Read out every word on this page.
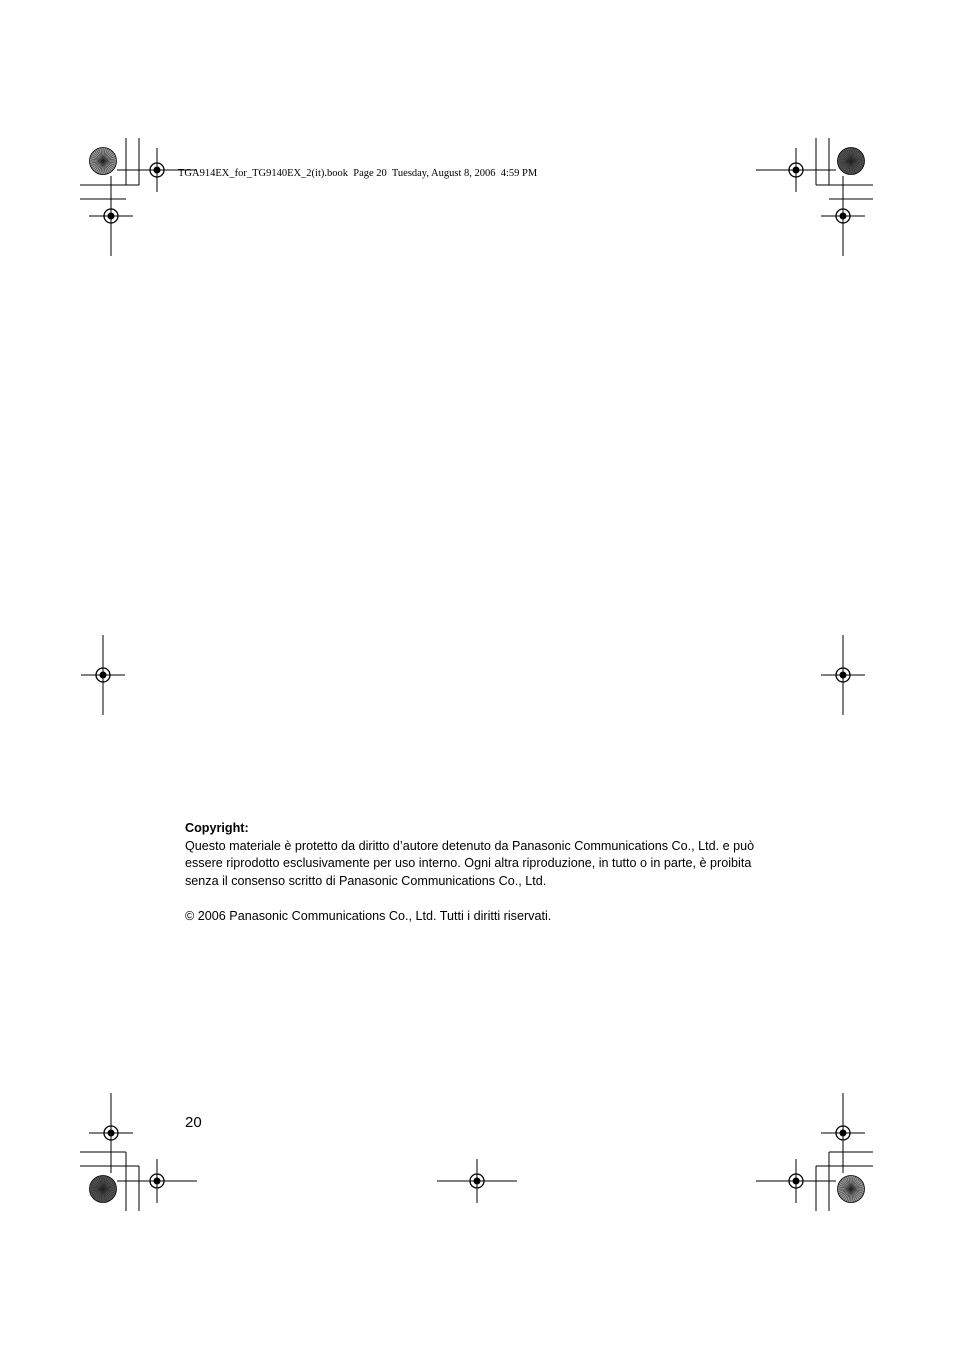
TGA914EX_for_TG9140EX_2(it).book  Page 20  Tuesday, August 8, 2006  4:59 PM

Copyright:

Questo materiale è protetto da diritto d’autore detenuto da Panasonic Communications Co., Ltd. e può

essere riprodotto esclusivamente per uso interno. Ogni altra riproduzione, in tutto o in parte, è proibita

senza il consenso scritto di Panasonic Communications Co., Ltd.

© 2006 Panasonic Communications Co., Ltd. Tutti i diritti riservati.

20
